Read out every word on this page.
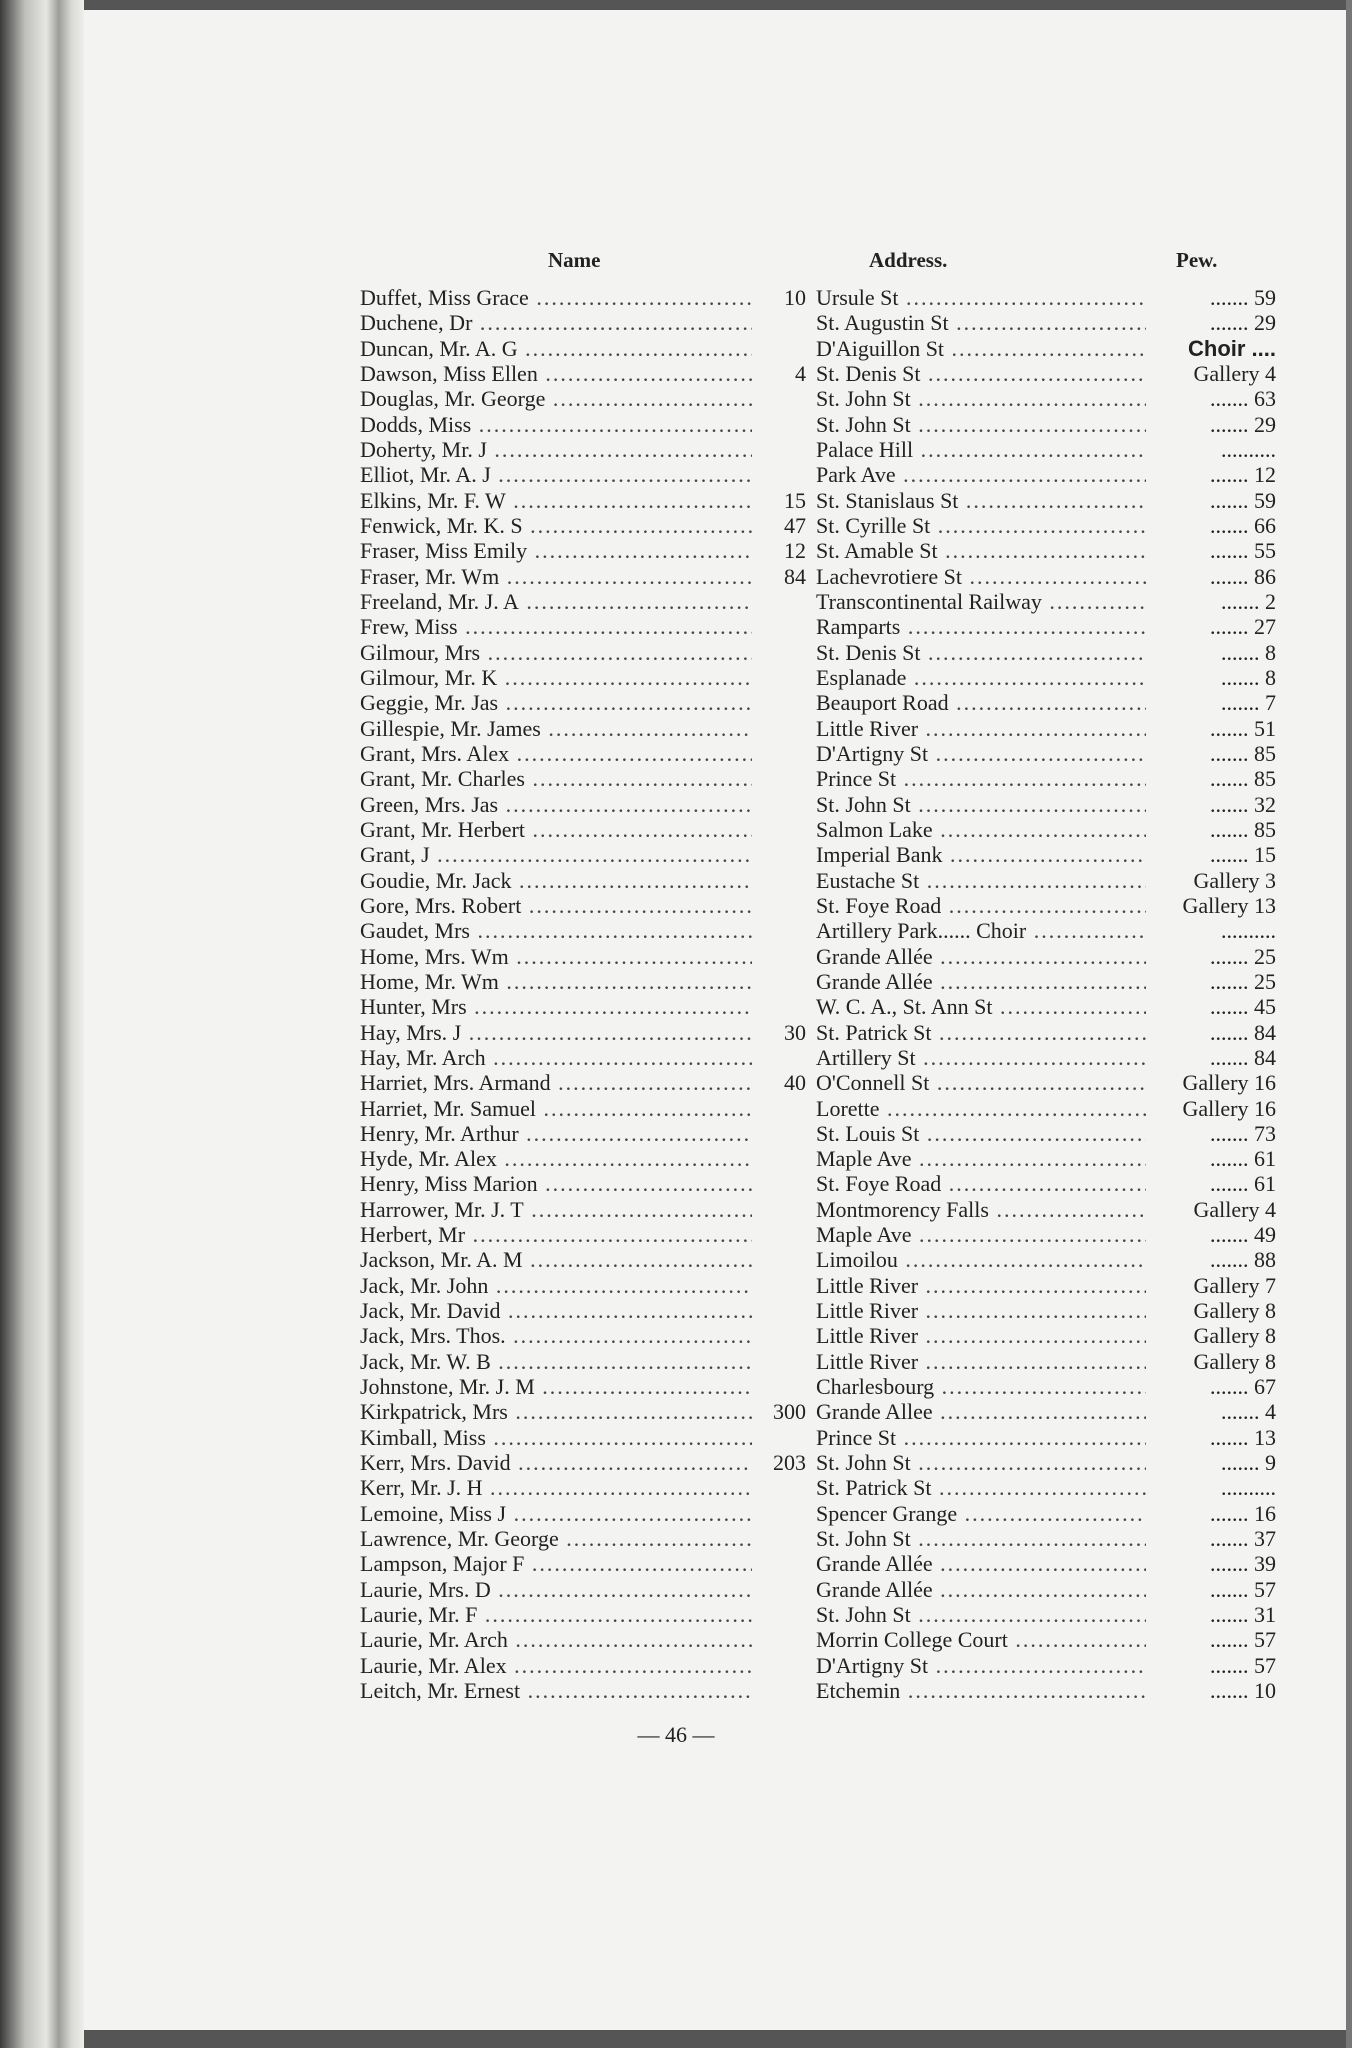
Name	Address.	Pew.
Duffet, Miss Grace .....	10 Ursule St .....	....... 59
Duchene, Dr .....	St. Augustin St .....	....... 29
Duncan, Mr. A. G .....	D'Aiguillon St .....	Choir ....
Dawson, Miss Ellen .....	4 St. Denis St .....	Gallery 4
Douglas, Mr. George .....	St. John St .....	....... 63
Dodds, Miss .....	St. John St .....	....... 29
Doherty, Mr. J .....	Palace Hill .....	..........
Elliot, Mr. A. J .....	Park Ave .....	....... 12
Elkins, Mr. F. W .....	15 St. Stanislaus St .....	....... 59
Fenwick, Mr. K. S .....	47 St. Cyrille St .....	....... 66
Fraser, Miss Emily .....	12 St. Amable St .....	....... 55
Fraser, Mr. Wm .....	84 Lachevrotiere St .....	....... 86
Freeland, Mr. J. A .....	Transcontinental Railway .....	....... 2
Frew, Miss .....	Ramparts .....	....... 27
Gilmour, Mrs .....	St. Denis St .....	....... 8
Gilmour, Mr. K .....	Esplanade .....	....... 8
Geggie, Mr. Jas .....	Beauport Road .....	....... 7
Gillespie, Mr. James .....	Little River .....	....... 51
Grant, Mrs. Alex .....	D'Artigny St .....	....... 85
Grant, Mr. Charles .....	Prince St .....	....... 85
Green, Mrs. Jas .....	St. John St .....	....... 32
Grant, Mr. Herbert .....	Salmon Lake .....	....... 85
Grant, J .....	Imperial Bank .....	....... 15
Goudie, Mr. Jack .....	Eustache St .....	Gallery 3
Gore, Mrs. Robert .....	St. Foye Road .....	Gallery 13
Gaudet, Mrs .....	Artillery Park...... Choir .....	..........
Home, Mrs. Wm .....	Grande Allée .....	....... 25
Home, Mr. Wm .....	Grande Allée .....	....... 25
Hunter, Mrs .....	W. C. A., St. Ann St .....	....... 45
Hay, Mrs. J .....	30 St. Patrick St .....	....... 84
Hay, Mr. Arch .....	Artillery St .....	....... 84
Harriet, Mrs. Armand .....	40 O'Connell St .....	Gallery 16
Harriet, Mr. Samuel .....	Lorette .....	Gallery 16
Henry, Mr. Arthur .....	St. Louis St .....	....... 73
Hyde, Mr. Alex .....	Maple Ave .....	....... 61
Henry, Miss Marion .....	St. Foye Road .....	....... 61
Harrower, Mr. J. T .....	Montmorency Falls .....	Gallery 4
Herbert, Mr .....	Maple Ave .....	....... 49
Jackson, Mr. A. M .....	Limoilou .....	....... 88
Jack, Mr. John .....	Little River .....	Gallery 7
Jack, Mr. David .....	Little River .....	Gallery 8
Jack, Mrs. Thos. .....	Little River .....	Gallery 8
Jack, Mr. W. B .....	Little River .....	Gallery 8
Johnstone, Mr. J. M .....	Charlesbourg .....	....... 67
Kirkpatrick, Mrs .....	300 Grande Allee .....	....... 4
Kimball, Miss .....	Prince St .....	....... 13
Kerr, Mrs. David .....	203 St. John St .....	....... 9
Kerr, Mr. J. H .....	St. Patrick St .....	..........
Lemoine, Miss J .....	Spencer Grange .....	....... 16
Lawrence, Mr. George .....	St. John St .....	....... 37
Lampson, Major F .....	Grande Allée .....	....... 39
Laurie, Mrs. D .....	Grande Allée .....	....... 57
Laurie, Mr. F .....	St. John St .....	....... 31
Laurie, Mr. Arch .....	Morrin College Court .....	....... 57
Laurie, Mr. Alex .....	D'Artigny St .....	....... 57
Leitch, Mr. Ernest .....	Etchemin .....	....... 10
— 46 —
